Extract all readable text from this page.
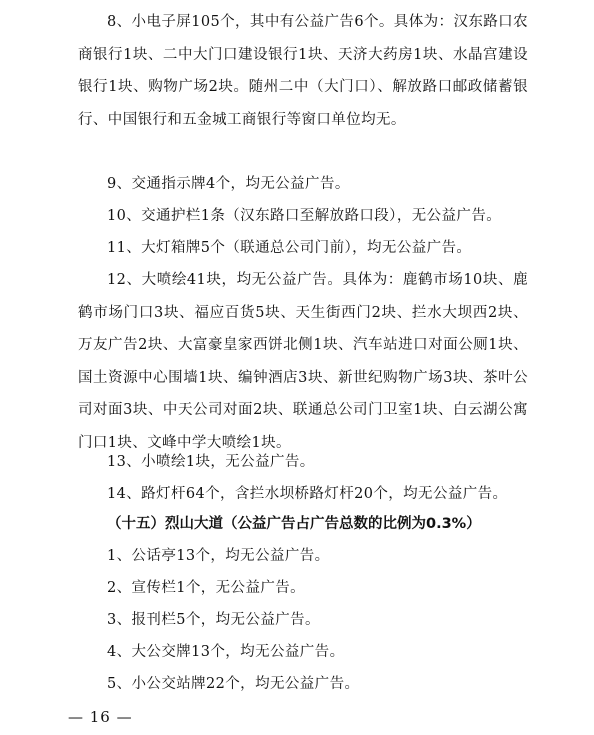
8、小电子屏105个，其中有公益广告6个。具体为：汉东路口农商银行1块、二中大门口建设银行1块、天济大药房1块、水晶宫建设银行1块、购物广场2块。随州二中（大门口）、解放路口邮政储蓄银行、中国银行和五金城工商银行等窗口单位均无。

9、交通指示牌4个，均无公益广告。

10、交通护栏1条（汉东路口至解放路口段），无公益广告。

11、大灯箱牌5个（联通总公司门前），均无公益广告。

12、大喷绘41块，均无公益广告。具体为：鹿鹤市场10块、鹿鹤市场门口3块、福应百货5块、天生街西门2块、拦水大坝西2块、万友广告2块、大富豪皇家西饼北侧1块、汽车站进口对面公厕1块、国土资源中心围墙1块、编钟酒店3块、新世纪购物广场3块、茶叶公司对面3块、中天公司对面2块、联通总公司门卫室1块、白云湖公寓门口1块、文峰中学大喷绘1块。

13、小喷绘1块，无公益广告。

14、路灯杆64个，含拦水坝桥路灯杆20个，均无公益广告。

（十五）烈山大道（公益广告占广告总数的比例为0.3%）

1、公话亭13个，均无公益广告。

2、宣传栏1个，无公益广告。

3、报刊栏5个，均无公益广告。

4、大公交牌13个，均无公益广告。

5、小公交站牌22个，均无公益广告。

— 16 —
